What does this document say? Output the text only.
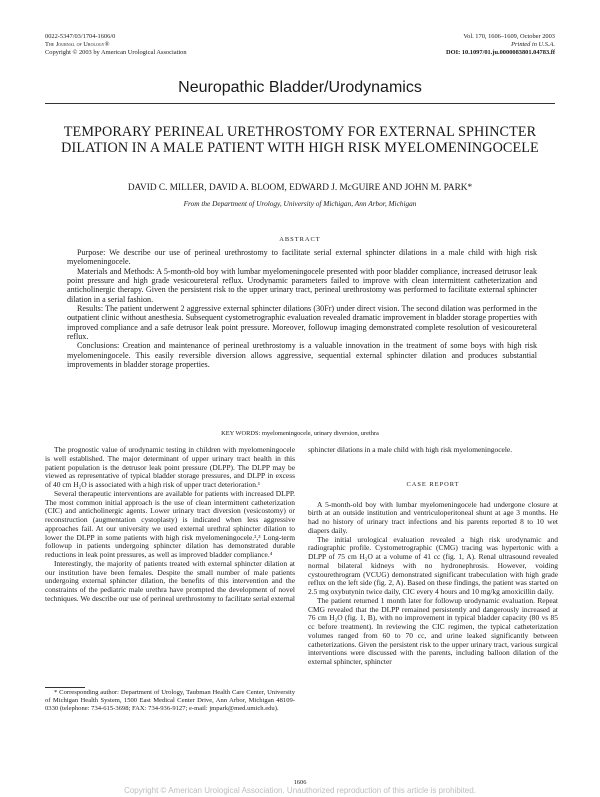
0022-5347/03/1704-1606/0
The Journal of Urology®
Copyright © 2003 by American Urological Association
Vol. 170, 1606–1609, October 2003
Printed in U.S.A.
DOI: 10.1097/01.ju.0000083801.04783.ff
Neuropathic Bladder/Urodynamics
TEMPORARY PERINEAL URETHROSTOMY FOR EXTERNAL SPHINCTER DILATION IN A MALE PATIENT WITH HIGH RISK MYELOMENINGOCELE
DAVID C. MILLER, DAVID A. BLOOM, EDWARD J. McGUIRE AND JOHN M. PARK*
From the Department of Urology, University of Michigan, Ann Arbor, Michigan
ABSTRACT

Purpose: We describe our use of perineal urethrostomy to facilitate serial external sphincter dilations in a male child with high risk myelomeningocele.

Materials and Methods: A 5-month-old boy with lumbar myelomeningocele presented with poor bladder compliance, increased detrusor leak point pressure and high grade vesicoureteral reflux. Urodynamic parameters failed to improve with clean intermittent catheterization and anticholinergic therapy. Given the persistent risk to the upper urinary tract, perineal urethrostomy was performed to facilitate external sphincter dilation in a serial fashion.

Results: The patient underwent 2 aggressive external sphincter dilations (30Fr) under direct vision. The second dilation was performed in the outpatient clinic without anesthesia. Subsequent cystometrographic evaluation revealed dramatic improvement in bladder storage properties with improved compliance and a safe detrusor leak point pressure. Moreover, followup imaging demonstrated complete resolution of vesicoureteral reflux.

Conclusions: Creation and maintenance of perineal urethrostomy is a valuable innovation in the treatment of some boys with high risk myelomeningocele. This easily reversible diversion allows aggressive, sequential external sphincter dilation and produces substantial improvements in bladder storage properties.

KEY WORDS: myelomeningocele, urinary diversion, urethra

The prognostic value of urodynamic testing in children with myelomeningocele is well established. The major determinant of upper urinary tract health in this patient population is the detrusor leak point pressure (DLPP). The DLPP may be viewed as representative of typical bladder storage pressures, and DLPP in excess of 40 cm H₂O is associated with a high risk of upper tract deterioration.¹

Several therapeutic interventions are available for patients with increased DLPP. The most common initial approach is the use of clean intermittent catheterization (CIC) and anticholinergic agents. Lower urinary tract diversion (vesicostomy) or reconstruction (augmentation cystoplasty) is indicated when less aggressive approaches fail. At our university we used external urethral sphincter dilation to lower the DLPP in some patients with high risk myelomeningocele.²,³ Long-term followup in patients undergoing sphincter dilation has demonstrated durable reductions in leak point pressures, as well as improved bladder compliance.⁴

Interestingly, the majority of patients treated with external sphincter dilation at our institution have been females. Despite the small number of male patients undergoing external sphincter dilation, the benefits of this intervention and the constraints of the pediatric male urethra have prompted the development of novel techniques. We describe our use of perineal urethrostomy to facilitate serial external

* Corresponding author: Department of Urology, Taubman Health Care Center, University of Michigan Health System, 1500 East Medical Center Drive, Ann Arbor, Michigan 48109-0330 (telephone: 734-615-3698; FAX: 734-936-9127; e-mail: jmpark@med.umich.edu).

sphincter dilations in a male child with high risk myelomeningocele.

CASE REPORT

A 5-month-old boy with lumbar myelomeningocele had undergone closure at birth at an outside institution and ventriculoperitoneal shunt at age 3 months. He had no history of urinary tract infections and his parents reported 8 to 10 wet diapers daily.

The initial urological evaluation revealed a high risk urodynamic and radiographic profile. Cystometrographic (CMG) tracing was hypertonic with a DLPP of 75 cm H₂O at a volume of 41 cc (fig. 1, A). Renal ultrasound revealed normal bilateral kidneys with no hydronephrosis. However, voiding cystourethrogram (VCUG) demonstrated significant trabeculation with high grade reflux on the left side (fig. 2, A). Based on these findings, the patient was started on 2.5 mg oxybutynin twice daily, CIC every 4 hours and 10 mg/kg amoxicillin daily.

The patient returned 1 month later for followup urodynamic evaluation. Repeat CMG revealed that the DLPP remained persistently and dangerously increased at 76 cm H₂O (fig. 1, B), with no improvement in typical bladder capacity (80 vs 85 cc before treatment). In reviewing the CIC regimen, the typical catheterization volumes ranged from 60 to 70 cc, and urine leaked significantly between catheterizations. Given the persistent risk to the upper urinary tract, various surgical interventions were discussed with the parents, including balloon dilation of the external sphincter, sphincter

1606
Copyright © American Urological Association. Unauthorized reproduction of this article is prohibited.
